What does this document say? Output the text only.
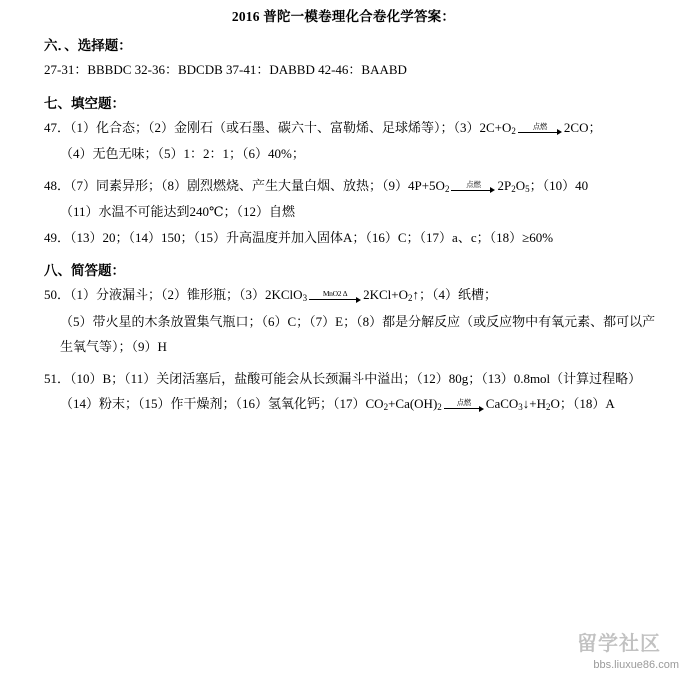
2016 普陀一模卷理化合卷化学答案：
六．、选择题：
27-31：BBBDC 32-36：BDCDB 37-41：DABBD 42-46：BAABD
七、填空题：
47．（1）化合态；（2）金刚石（或石墨、碳六十、富勒烯、足球烯等）；$(3)2C+O_2$	点燃	2CO；
（4）无色无味；（5）1：2：1；（6）40%；
48．（7）同素异形；（8）剧烈燃烧、产生大量白烟、放热；$(9)4P+5O_2$	点燃	$2P_2O_5$；（10）40
（11）水温不可能达到240℃；（12）自燃
49．（13）20；（14）150；（15）升高温度并加入固体A；（16）C；（17）a、c；（18）≥60%
八、简答题：
50．（1）分液漏斗；（2）锥形瓶；（3）2KClO$_3$	MnO2 Δ	$2KCl+O_2↑$；（4）纸槽；
（5）带火星的木条放置集气瓶口；（6）C；（7）E；（8）都是分解反应（或反应物中有氧元素、都可以产
生氧气等）；（9）H
51．（10）B；（11）关闭活塞后，盐酸可能会从长颈漏斗中溢出；（12）80g；（13）0.8mol（计算过程略）
（14）粉末；（15）作干燥剂；（16）氢氧化钙；$(17)CO_2+Ca(OH)_2$	点燃	$CaCO_3↓+H_2O$；（18）A
留学社区
bbs.liuxue86.com
